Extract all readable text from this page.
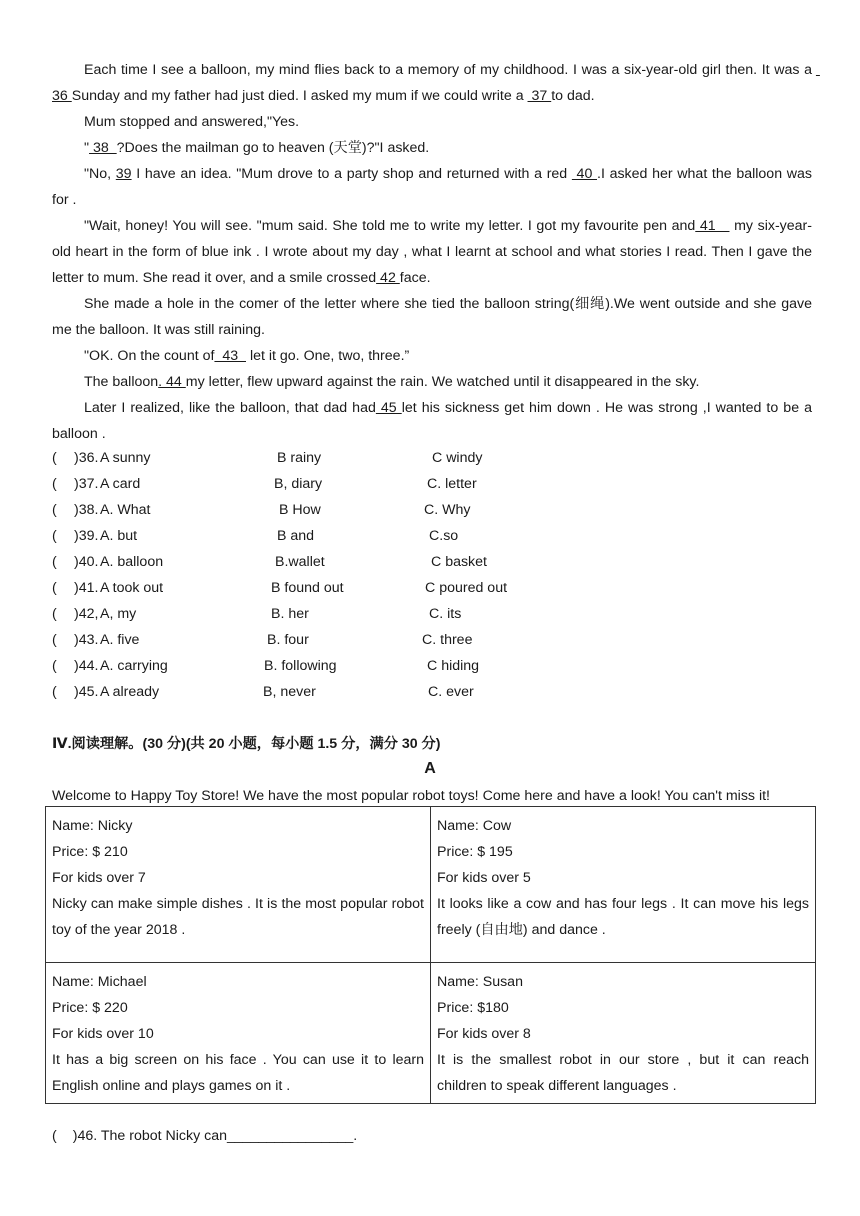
Each time I see a balloon, my mind flies back to a memory of my childhood. I was a six-year-old girl then. It was a  36 Sunday and my father had just died. I asked my mum if we could write a  37 to dad.

Mum stopped and answered,"Yes.

" 38  ?Does the mailman go to heaven (天堂)?"I asked.

"No, 39 I have an idea. "Mum drove to a party shop and returned with a red  40 .I asked her what the balloon was for .

"Wait, honey! You will see. "mum said. She told me to write my letter. I got my favourite pen and 41    my six-year-old heart in the form of blue ink . I wrote about my day , what I learnt at school and what stories I read. Then I gave the letter to mum. She read it over, and a smile crossed 42 face.

She made a hole in the comer of the letter where she tied the balloon string(细绳).We went outside and she gave me the balloon. It was still raining.

"OK. On the count of  43   let it go. One, two, three.”

The balloon. 44 my letter, flew upward against the rain. We watched until it disappeared in the sky.

Later I realized, like the balloon, that dad had 45 let his sickness get him down . He was strong ,I wanted to be a balloon .

( )36. A sunny	B rainy	C windy
( )37. A card	B, diary	C. letter
( )38. A. What	B How	C. Why
( )39. A. but	B and	C.so
( )40. A. balloon	B.wallet	C basket
( )41. A took out	B found out	C poured out
( )42, A, my	B. her	C. its
( )43. A. five	B. four	C. three
( )44. A. carrying	B. following	C hiding
( )45. A already	B, never	C. ever
Ⅳ.阅读理解。(30 分)(共 20 小题，每小题 1.5 分，满分 30 分)
A
Welcome to Happy Toy Store! We have the most popular robot toys! Come here and have a look! You can't miss it!
Name: Nicky
Price: $ 210
For kids over 7
Nicky can make simple dishes . It is the most popular robot toy of the year 2018 .	Name: Cow
Price: $ 195
For kids over 5
It looks like a cow and has four legs . It can move his legs freely (自由地) and dance .

Name: Michael
Price: $ 220
For kids over 10
It has a big screen on his face . You can use it to learn English online and plays games on it .	Name: Susan
Price: $180
For kids over 8
It is the smallest robot in our store , but it can reach children to speak different languages .
( )46. The robot Nicky can________________.
